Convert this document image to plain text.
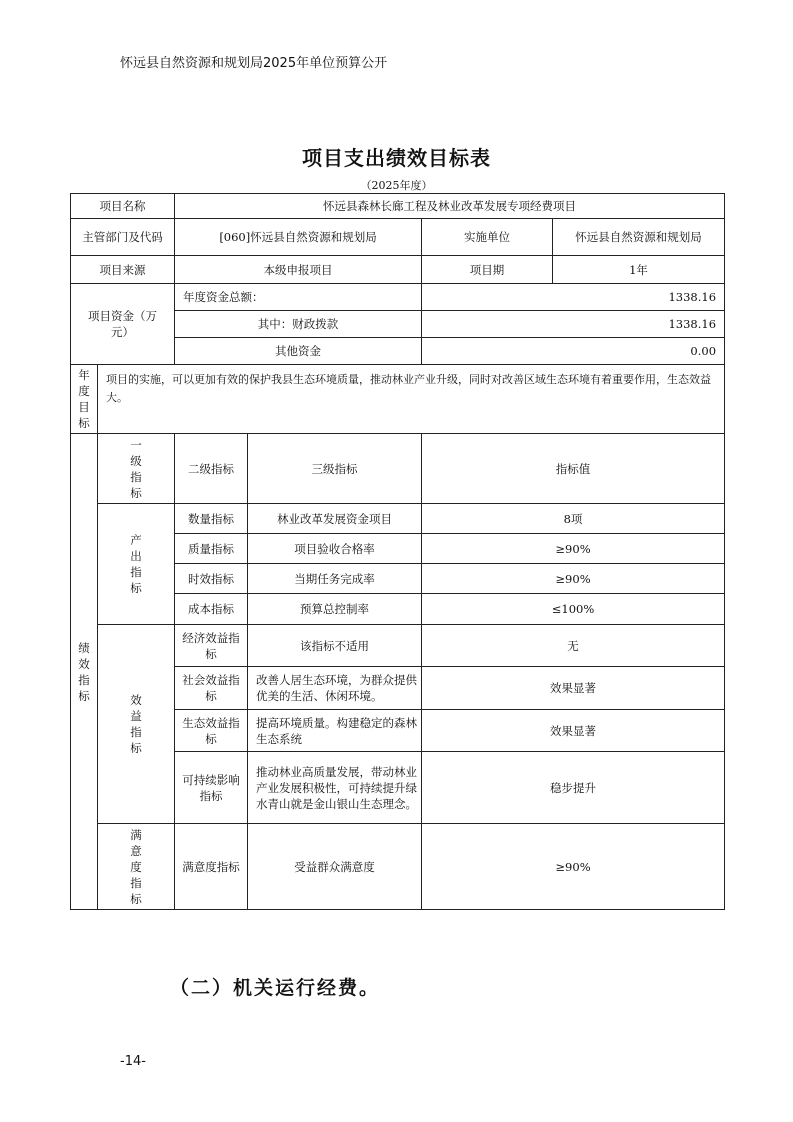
怀远县自然资源和规划局2025年单位预算公开
项目支出绩效目标表
（2025年度）
项目名称		怀远县森林长廊工程及林业改革发展专项经费项目			
主管部门及代码		[060]怀远县自然资源和规划局		实施单位	怀远县自然资源和规划局
项目来源		本级申报项目		项目期	1年

项目资金（万元）		年度资金总额：		1338.16	
		其中：财政拨款		1338.16	
		其他资金		0.00	

年度目标	项目的实施，可以更加有效的保护我县生态环境质量，推动林业产业升级，同时对改善区域生态环境有着重要作用，生态效益大。				

绩效指标	一级指标	二级指标	三级指标	指标值	

	产出指标	数量指标	林业改革发展资金项目	8项	
		质量指标	项目验收合格率	≥90%	
		时效指标	当期任务完成率	≥90%	
		成本指标	预算总控制率	≤100%	

	效益指标	经济效益指标	该指标不适用	无	
		社会效益指标	改善人居生态环境，为群众提供优美的生活、休闲环境。	效果显著	
		生态效益指标	提高环境质量。构建稳定的森林生态系统	效果显著	
		可持续影响指标	推动林业高质量发展，带动林业产业发展积极性，可持续提升绿水青山就是金山银山生态理念。	稳步提升	

	满意度指标	满意度指标	受益群众满意度	≥90%	
（二）机关运行经费。
-14-
